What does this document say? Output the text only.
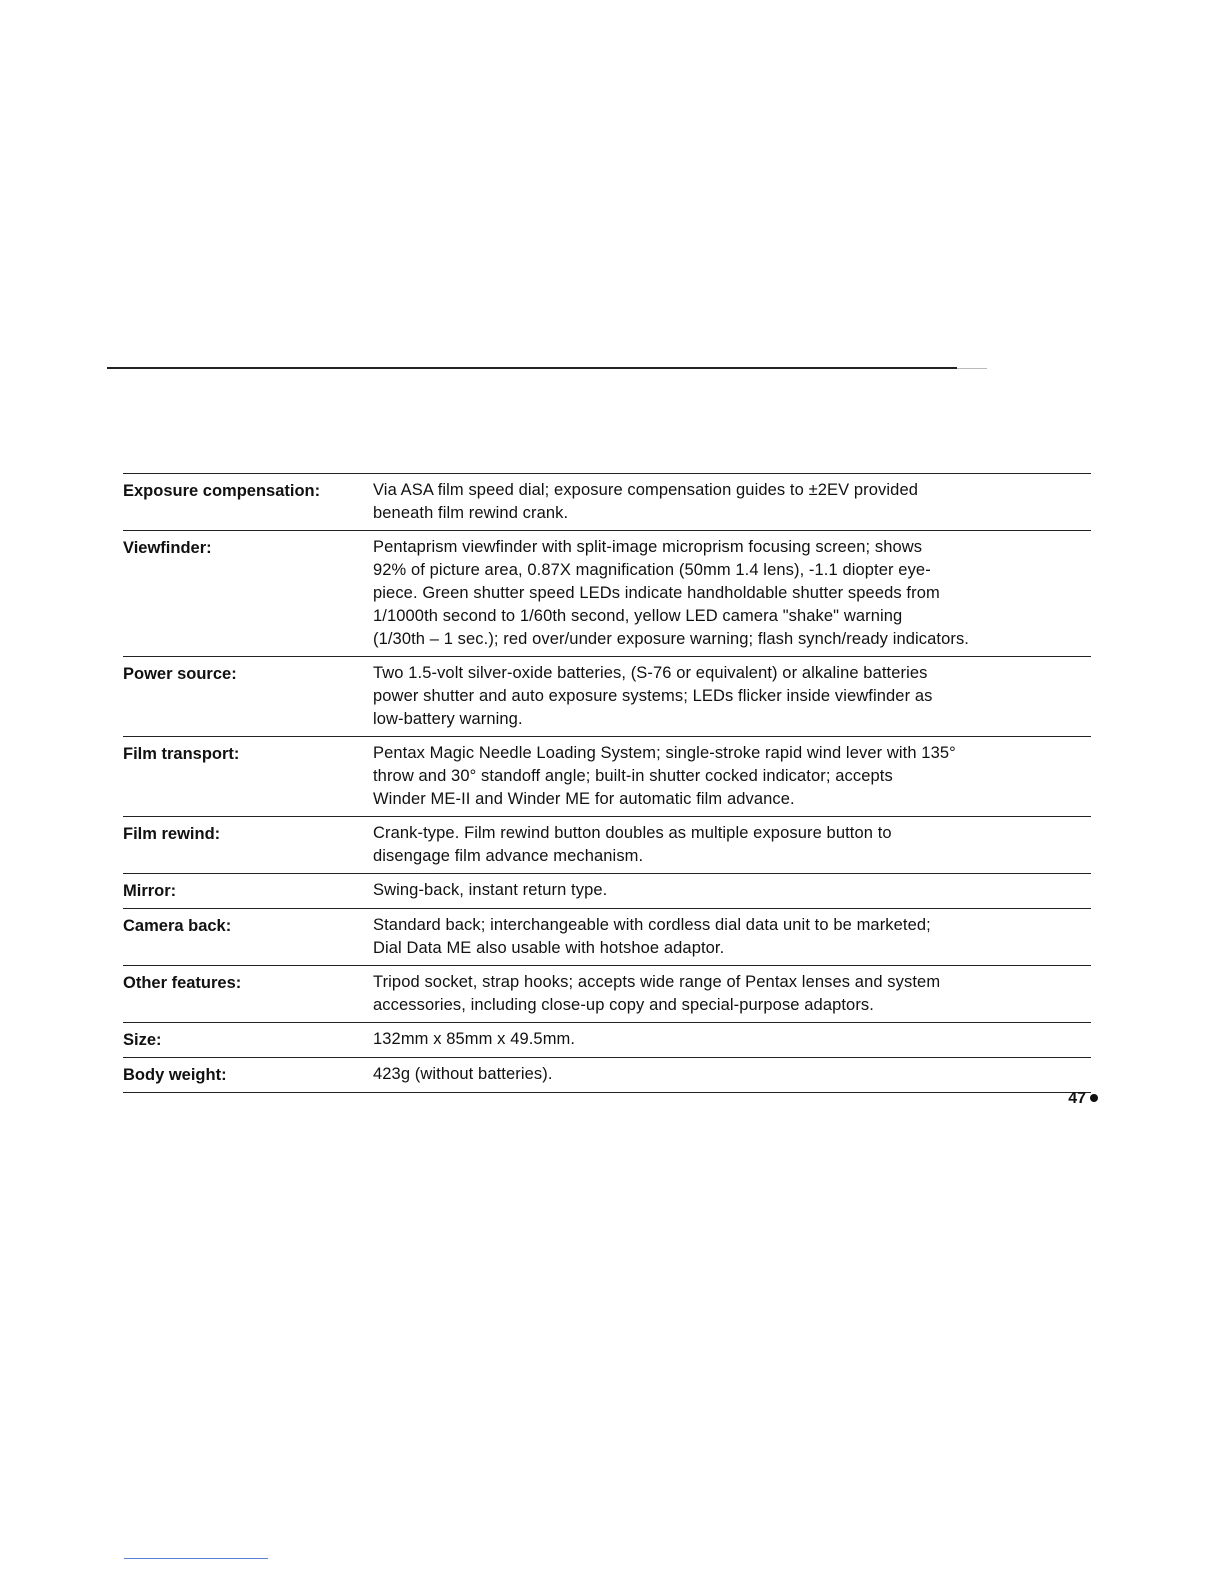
Exposure compensation:	Via ASA film speed dial; exposure compensation guides to ±2EV provided
beneath film rewind crank.
Viewfinder:	Pentaprism viewfinder with split-image microprism focusing screen; shows
92% of picture area, 0.87X magnification (50mm 1.4 lens), -1.1 diopter eye-
piece. Green shutter speed LEDs indicate handholdable shutter speeds from
1/1000th second to 1/60th second, yellow LED camera "shake" warning
(1/30th – 1 sec.); red over/under exposure warning; flash synch/ready indicators.
Power source:	Two 1.5-volt silver-oxide batteries, (S-76 or equivalent) or alkaline batteries
power shutter and auto exposure systems; LEDs flicker inside viewfinder as
low-battery warning.
Film transport:	Pentax Magic Needle Loading System; single-stroke rapid wind lever with 135°
throw and 30° standoff angle; built-in shutter cocked indicator; accepts
Winder ME-II and Winder ME for automatic film advance.
Film rewind:	Crank-type. Film rewind button doubles as multiple exposure button to
disengage film advance mechanism.
Mirror:	Swing-back, instant return type.
Camera back:	Standard back; interchangeable with cordless dial data unit to be marketed;
Dial Data ME also usable with hotshoe adaptor.
Other features:	Tripod socket, strap hooks; accepts wide range of Pentax lenses and system
accessories, including close-up copy and special-purpose adaptors.
Size:	132mm x 85mm x 49.5mm.
Body weight:	423g (without batteries).
47
